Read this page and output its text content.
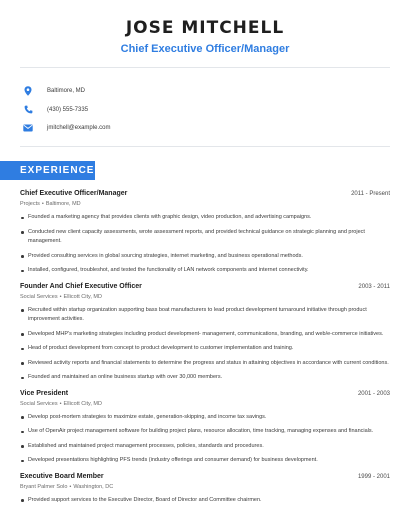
JOSE MITCHELL
Chief Executive Officer/Manager
Baltimore, MD
(430) 555-7335
jmitchell@example.com
EXPERIENCE
Chief Executive Officer/Manager	2011 - Present
Projects • Baltimore, MD
Founded a marketing agency that provides clients with graphic design, video production, and advertising campaigns.
Conducted new client capacity assessments, wrote assessment reports, and provided technical guidance on strategic planning and project management.
Provided consulting services in global sourcing strategies, internet marketing, and business operational methods.
Installed, configured, troubleshot, and tested the functionality of LAN network components and internet connectivity.
Founder And Chief Executive Officer	2003 - 2011
Social Services • Ellicott City, MD
Recruited within startup organization supporting bass boat manufacturers to lead product development turnaround initiative through product improvement activities.
Developed MHP's marketing strategies including product development- management, communications, branding, and web/e-commerce initiatives.
Head of product development from concept to product development to customer implementation and training.
Reviewed activity reports and financial statements to determine the progress and status in attaining objectives in accordance with current conditions.
Founded and maintained an online business startup with over 30,000 members.
Vice President	2001 - 2003
Social Services • Ellicott City, MD
Develop post-mortem strategies to maximize estate, generation-skipping, and income tax savings.
Use of OpenAir project management software for building project plans, resource allocation, time tracking, managing expenses and financials.
Established and maintained project management processes, policies, standards and procedures.
Developed presentations highlighting PFS trends (industry offerings and consumer demand) for business development.
Executive Board Member	1999 - 2001
Bryant Palmer Solo • Washington, DC
Provided support services to the Executive Director, Board of Director and Committee chairmen.
